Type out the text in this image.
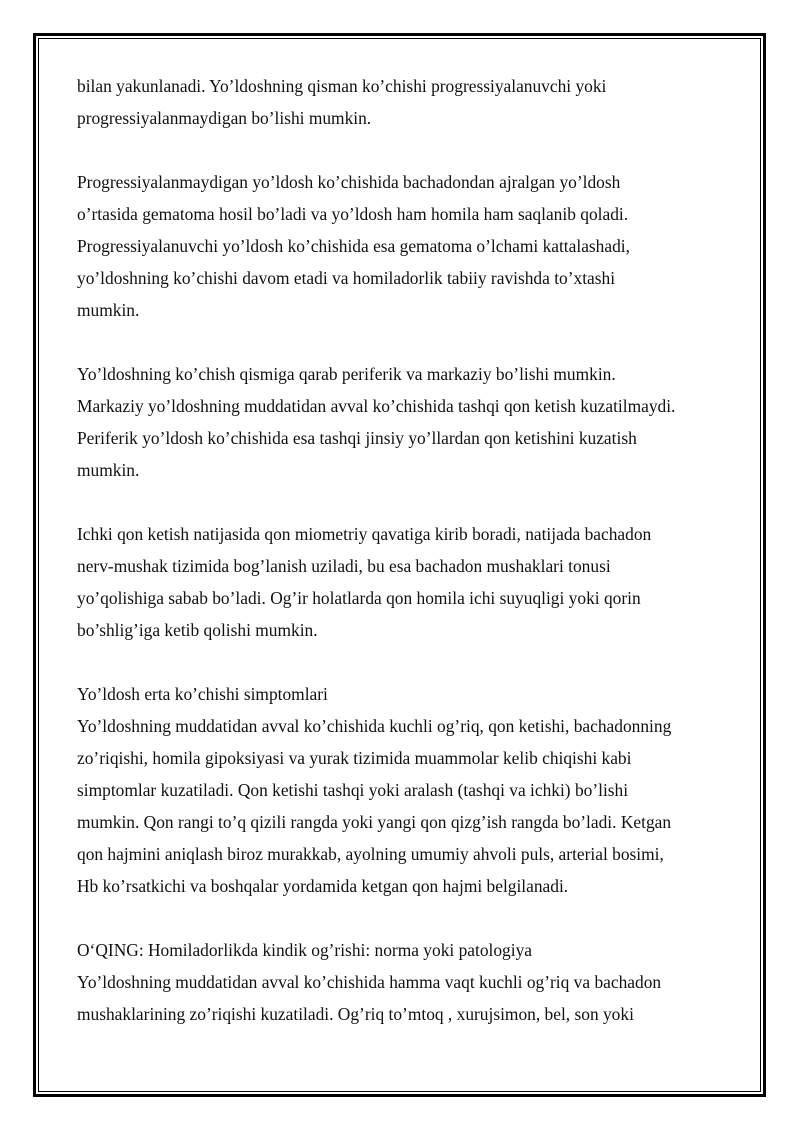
bilan yakunlanadi. Yo’ldoshning qisman ko’chishi progressiyalanuvchi yoki
progressiyalanmaydigan bo’lishi mumkin.

Progressiyalanmaydigan yo’ldosh ko’chishida bachadondan ajralgan yo’ldosh
o’rtasida gematoma hosil bo’ladi va yo’ldosh ham homila ham saqlanib qoladi.
Progressiyalanuvchi yo’ldosh ko’chishida esa gematoma o’lchami kattalashadi,
yo’ldoshning ko’chishi davom etadi va homiladorlik tabiiy ravishda to’xtashi
mumkin.

Yo’ldoshning ko’chish qismiga qarab periferik va markaziy bo’lishi mumkin.
Markaziy yo’ldoshning muddatidan avval ko’chishida tashqi qon ketish kuzatilmaydi.
Periferik yo’ldosh ko’chishida esa tashqi jinsiy yo’llardan qon ketishini kuzatish
mumkin.

Ichki qon ketish natijasida qon miometriy qavatiga kirib boradi, natijada bachadon
nerv-mushak tizimida bog’lanish uziladi, bu esa bachadon mushaklari tonusi
yo’qolishiga sabab bo’ladi. Og’ir holatlarda qon homila ichi suyuqligi yoki qorin
bo’shlig’iga ketib qolishi mumkin.

Yo’ldosh erta ko’chishi simptomlari

Yo’ldoshning muddatidan avval ko’chishida kuchli og’riq, qon ketishi, bachadonning
zo’riqishi, homila gipoksiyasi va yurak tizimida muammolar kelib chiqishi kabi
simptomlar kuzatiladi. Qon ketishi tashqi yoki aralash (tashqi va ichki) bo’lishi
mumkin. Qon rangi to’q qizili rangda yoki yangi qon qizg’ish rangda bo’ladi. Ketgan
qon hajmini aniqlash biroz murakkab, ayolning umumiy ahvoli puls, arterial bosimi,
Hb ko’rsatkichi va boshqalar yordamida ketgan qon hajmi belgilanadi.

O‘QING: Homiladorlikda kindik og’rishi: norma yoki patologiya

Yo’ldoshning muddatidan avval ko’chishida hamma vaqt kuchli og’riq va bachadon
mushaklarining zo’riqishi kuzatiladi. Og’riq to’mtoq , xurujsimon, bel, son yoki
